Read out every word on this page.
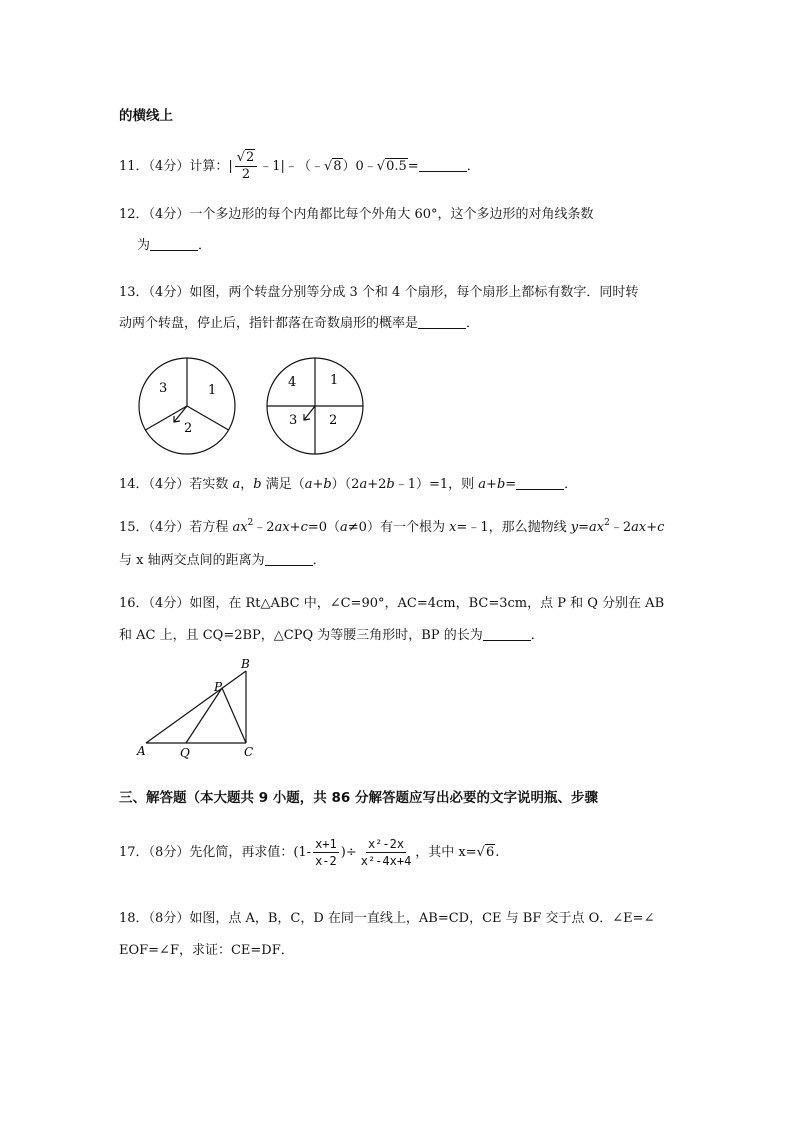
的横线上
11．（4分）计算：| $\frac{√2}{2}$ ﹣1|﹣（﹣√8）0﹣√0.5=	．
12．（4分）一个多边形的每个内角都比每个外角大 60°，这个多边形的对角线条数
为	．
13．（4分）如图，两个转盘分别等分成 3 个和 4 个扇形，每个扇形上都标有数字．同时转
动两个转盘，停止后，指针都落在奇数扇形的概率是	．
3	1
2
4	1
3 2
14．（4分）若实数 a，b 满足（a+b）（2a+2b﹣1）=1，则 a+b=	．
15．（4分）若方程 $ax^2﹣2ax+c=0(a\ne 0)$有一个根为 x=﹣1，那么抛物线 $y=ax^2﹣2ax+c$
与 x 轴两交点间的距离为	．
16．（4分）如图，在 Rt△ABC 中，∠C=90°，AC=4cm，BC=3cm，点 P 和 Q 分别在 AB
和 AC 上，且 CQ=2BP，△CPQ 为等腰三角形时，BP 的长为	．
A
B
C
P
Q
三、解答题（本大题共 9 小题，共 86 分解答题应写出必要的文字说明瓶、步骤
17．（8分）先化简，再求值：($1- \frac{x+1}{x-2}$ )÷ $\frac{\text{x²-2x}}{\text{x²-4x+4}}$ ，其中 x=√6.
18．（8分）如图，点 A，B，C，D 在同一直线上，AB=CD，CE 与 BF 交于点 O．∠E=∠
EOF=∠F，求证：CE=DF．
